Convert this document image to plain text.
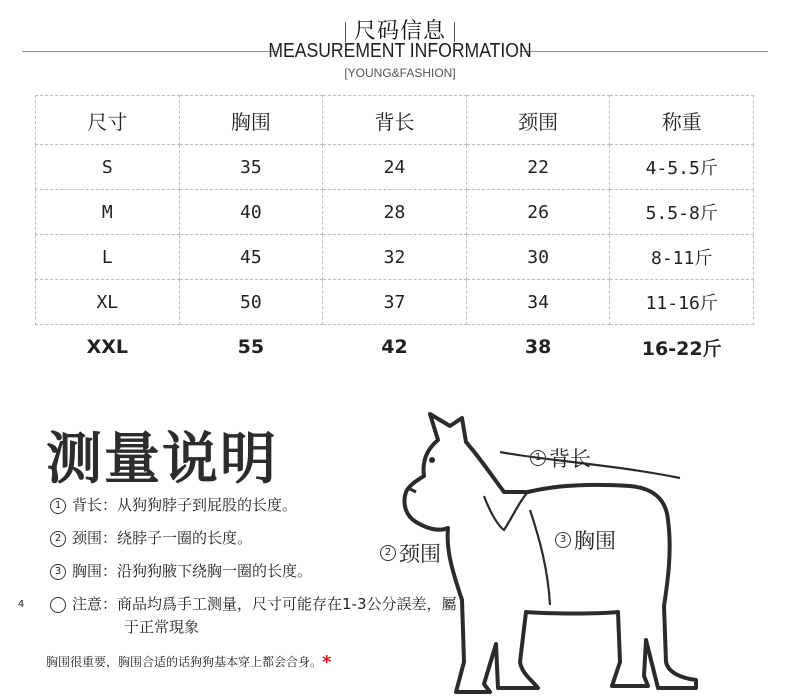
尺码信息
MEASUREMENT INFORMATION
[YOUNG&FASHION]
尺寸	胸围	背长	颈围	称重
S	35	24	22	4-5.5斤
M	40	28	26	5.5-8斤
L	45	32	30	8-11斤
XL	50	37	34	11-16斤
XXL	55	42	38	16-22斤
测量说明
1 背长：从狗狗脖子到屁股的长度。
2 颈围：绕脖子一圈的长度。
3 胸围：沿狗狗腋下绕胸一圈的长度。
4	注意：商品均爲手工测量，尺寸可能存在1-3公分誤差，屬于正常現象
胸围很重要，胸围合适的话狗狗基本穿上都会合身。*
1 背长
2 颈围
3 胸围
